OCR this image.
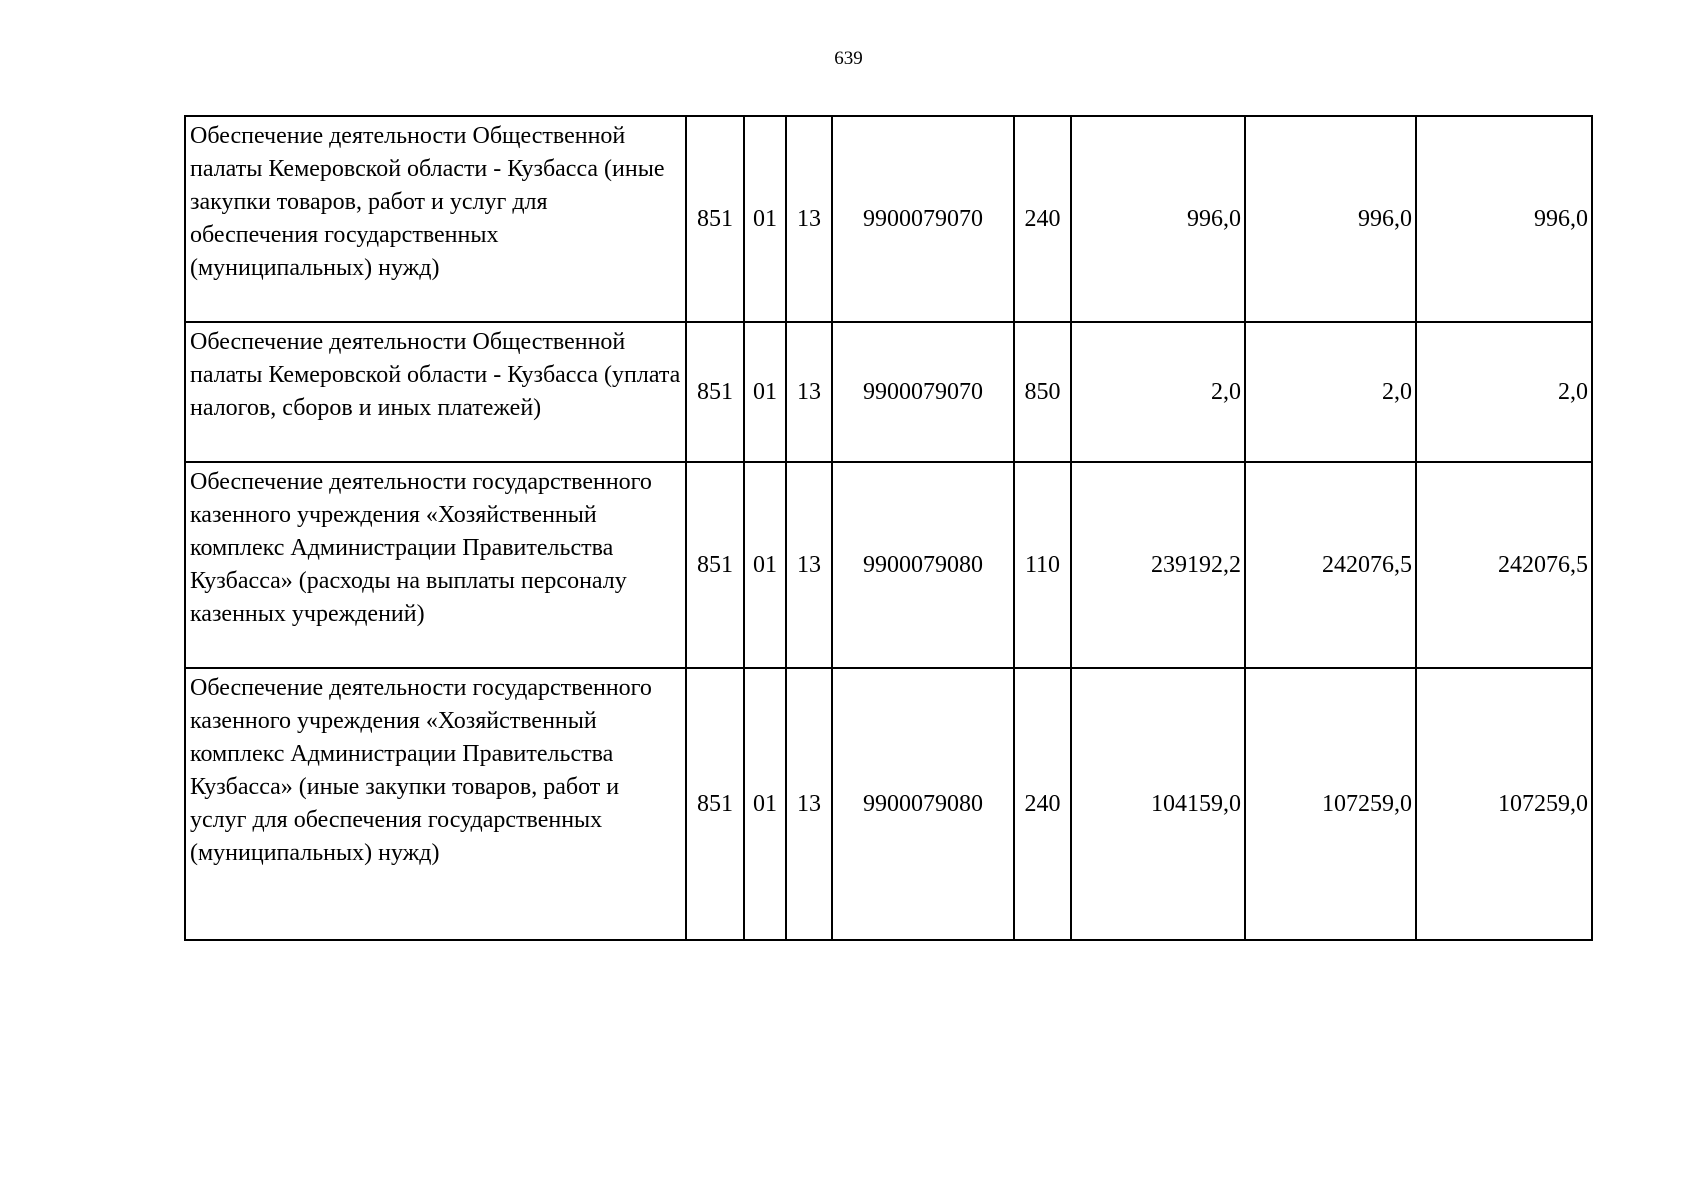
639
Обеспечение деятельности Общественной палаты Кемеровской области - Кузбасса (иные закупки товаров, работ и услуг для обеспечения государственных (муниципальных) нужд)	851	01	13	9900079070	240	996,0	996,0	996,0
Обеспечение деятельности Общественной палаты Кемеровской области - Кузбасса (уплата налогов, сборов и иных платежей)	851	01	13	9900079070	850	2,0	2,0	2,0
Обеспечение деятельности государственного казенного учреждения «Хозяйственный комплекс Администрации Правительства Кузбасса» (расходы на выплаты персоналу казенных учреждений)	851	01	13	9900079080	110	239192,2	242076,5	242076,5
Обеспечение деятельности государственного казенного учреждения «Хозяйственный комплекс Администрации Правительства Кузбасса» (иные закупки товаров, работ и услуг для обеспечения государственных (муниципальных) нужд)	851	01	13	9900079080	240	104159,0	107259,0	107259,0
